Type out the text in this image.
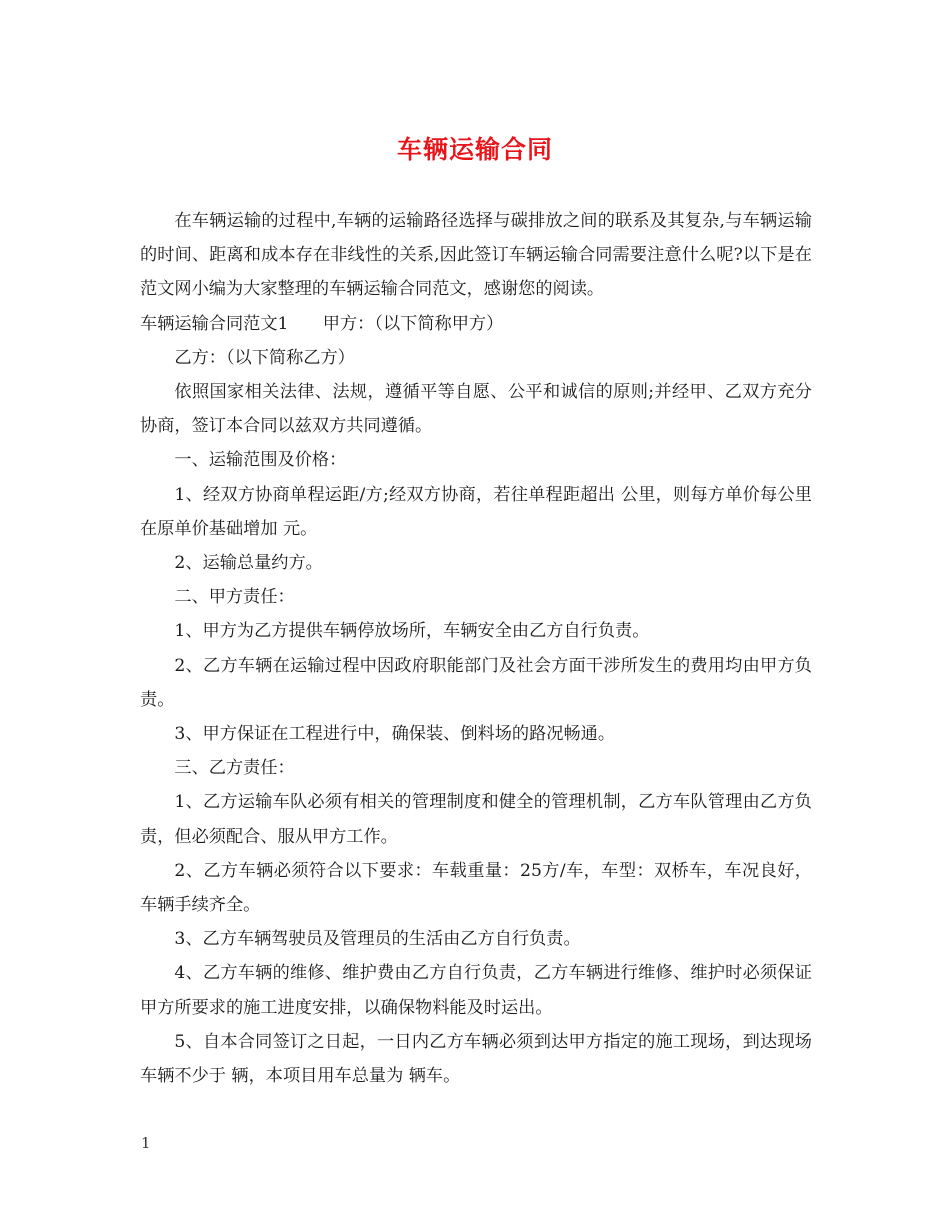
车辆运输合同

在车辆运输的过程中,车辆的运输路径选择与碳排放之间的联系及其复杂,与车辆运输的时间、距离和成本存在非线性的关系,因此签订车辆运输合同需要注意什么呢?以下是在范文网小编为大家整理的车辆运输合同范文，感谢您的阅读。

车辆运输合同范文1　　甲方：（以下简称甲方）

乙方：（以下简称乙方）

依照国家相关法律、法规，遵循平等自愿、公平和诚信的原则;并经甲、乙双方充分协商，签订本合同以兹双方共同遵循。

一、运输范围及价格：

1、经双方协商单程运距/方;经双方协商，若往单程距超出 公里，则每方单价每公里在原单价基础增加 元。

2、运输总量约方。

二、甲方责任：

1、甲方为乙方提供车辆停放场所，车辆安全由乙方自行负责。

2、乙方车辆在运输过程中因政府职能部门及社会方面干涉所发生的费用均由甲方负责。

3、甲方保证在工程进行中，确保装、倒料场的路况畅通。

三、乙方责任：

1、乙方运输车队必须有相关的管理制度和健全的管理机制，乙方车队管理由乙方负责，但必须配合、服从甲方工作。

2、乙方车辆必须符合以下要求：车载重量：25方/车，车型：双桥车，车况良好，车辆手续齐全。

3、乙方车辆驾驶员及管理员的生活由乙方自行负责。

4、乙方车辆的维修、维护费由乙方自行负责，乙方车辆进行维修、维护时必须保证甲方所要求的施工进度安排，以确保物料能及时运出。

5、自本合同签订之日起，一日内乙方车辆必须到达甲方指定的施工现场，到达现场车辆不少于 辆，本项目用车总量为 辆车。

1
